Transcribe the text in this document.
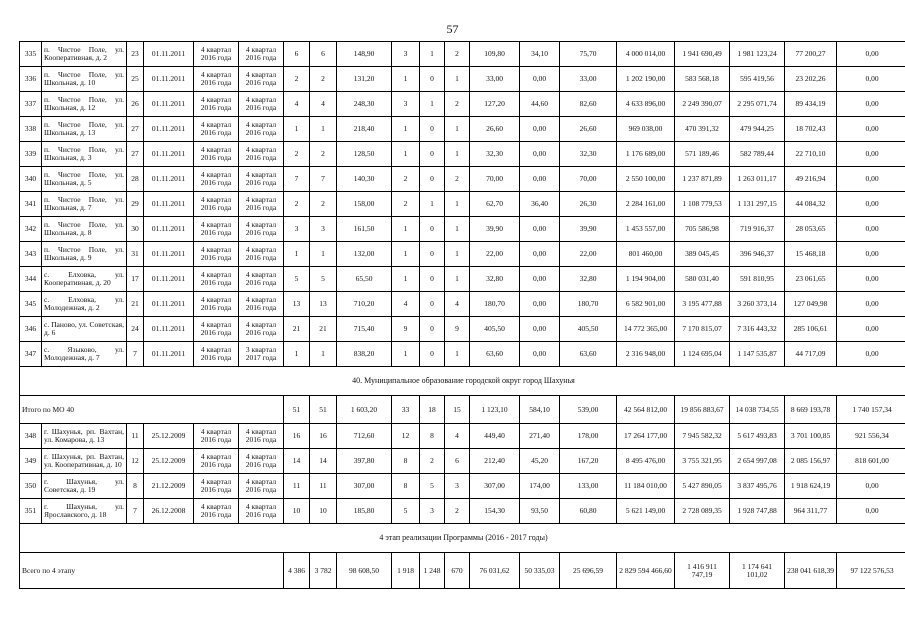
57
335	п. Чистое Поле, ул. Кооперативная, д. 2	23	01.11.2011	4 квартал 2016 года	4 квартал 2016 года	6	6	148,90	3	1	2	109,80	34,10	75,70	4 000 014,00	1 941 690,49	1 981 123,24	77 200,27	0,00
336	п. Чистое Поле, ул. Школьная, д. 10	25	01.11.2011	4 квартал 2016 года	4 квартал 2016 года	2	2	131,20	1	0	1	33,00	0,00	33,00	1 202 190,00	583 568,18	595 419,56	23 202,26	0,00
337	п. Чистое Поле, ул. Школьная, д. 12	26	01.11.2011	4 квартал 2016 года	4 квартал 2016 года	4	4	248,30	3	1	2	127,20	44,60	82,60	4 633 896,00	2 249 390,07	2 295 071,74	89 434,19	0,00
338	п. Чистое Поле, ул. Школьная, д. 13	27	01.11.2011	4 квартал 2016 года	4 квартал 2016 года	1	1	218,40	1	0	1	26,60	0,00	26,60	969 038,00	470 391,32	479 944,25	18 702,43	0,00
339	п. Чистое Поле, ул. Школьная, д. 3	27	01.11.2011	4 квартал 2016 года	4 квартал 2016 года	2	2	128,50	1	0	1	32,30	0,00	32,30	1 176 689,00	571 189,46	582 789,44	22 710,10	0,00
340	п. Чистое Поле, ул. Школьная, д. 5	28	01.11.2011	4 квартал 2016 года	4 квартал 2016 года	7	7	140,30	2	0	2	70,00	0,00	70,00	2 550 100,00	1 237 871,89	1 263 011,17	49 216,94	0,00
341	п. Чистое Поле, ул. Школьная, д. 7	29	01.11.2011	4 квартал 2016 года	4 квартал 2016 года	2	2	158,00	2	1	1	62,70	36,40	26,30	2 284 161,00	1 108 779,53	1 131 297,15	44 084,32	0,00
342	п. Чистое Поле, ул. Школьная, д. 8	30	01.11.2011	4 квартал 2016 года	4 квартал 2016 года	3	3	161,50	1	0	1	39,90	0,00	39,90	1 453 557,00	705 586,98	719 916,37	28 053,65	0,00
343	п. Чистое Поле, ул. Школьная, д. 9	31	01.11.2011	4 квартал 2016 года	4 квартал 2016 года	1	1	132,00	1	0	1	22,00	0,00	22,00	801 460,00	389 045,45	396 946,37	15 468,18	0,00
344	с. Елховка, ул. Кооперативная, д. 20	17	01.11.2011	4 квартал 2016 года	4 квартал 2016 года	5	5	65,50	1	0	1	32,80	0,00	32,80	1 194 904,00	580 031,40	591 810,95	23 061,65	0,00
345	с. Елховка, ул. Молодежная, д. 2	21	01.11.2011	4 квартал 2016 года	4 квартал 2016 года	13	13	710,20	4	0	4	180,70	0,00	180,70	6 582 901,00	3 195 477,88	3 260 373,14	127 049,98	0,00
346	с. Паново, ул. Советская, д. 6	24	01.11.2011	4 квартал 2016 года	4 квартал 2016 года	21	21	715,40	9	0	9	405,50	0,00	405,50	14 772 365,00	7 170 815,07	7 316 443,32	285 106,61	0,00
347	с. Языково, ул. Молодежная, д. 7	7	01.11.2011	4 квартал 2016 года	3 квартал 2017 года	1	1	838,20	1	0	1	63,60	0,00	63,60	2 316 948,00	1 124 695,04	1 147 535,87	44 717,09	0,00
40. Муниципальное образование городской округ город Шахунья																			
Итого по МО 40						51	51	1 603,20	33	18	15	1 123,10	584,10	539,00	42 564 812,00	19 856 883,67	14 038 734,55	8 669 193,78	1 740 157,34
348	г. Шахунья, рп. Вахтан, ул. Комарова, д. 13	11	25.12.2009	4 квартал 2016 года	4 квартал 2016 года	16	16	712,60	12	8	4	449,40	271,40	178,00	17 264 177,00	7 945 582,32	5 617 493,83	3 701 100,85	921 556,34
349	г. Шахунья, рп. Вахтан, ул. Кооперативная, д. 10	12	25.12.2009	4 квартал 2016 года	4 квартал 2016 года	14	14	397,80	8	2	6	212,40	45,20	167,20	8 495 476,00	3 755 321,95	2 654 997,08	2 085 156,97	818 601,00
350	г. Шахунья, ул. Советская, д. 19	8	21.12.2009	4 квартал 2016 года	4 квартал 2016 года	11	11	307,00	8	5	3	307,00	174,00	133,00	11 184 010,00	5 427 890,05	3 837 495,76	1 918 624,19	0,00
351	г. Шахунья, ул. Ярославского, д. 18	7	26.12.2008	4 квартал 2016 года	4 квартал 2016 года	10	10	185,80	5	3	2	154,30	93,50	60,80	5 621 149,00	2 728 089,35	1 928 747,88	964 311,77	0,00
4 этап реализации Программы (2016 - 2017 годы)																			
Всего по 4 этапу						4 386	3 782	98 608,50	1 918	1 248	670	76 031,62	50 335,03	25 696,59	2 829 594 466,60	1 416 911 747,19	1 174 641 101,02	238 041 618,39	97 122 576,53
